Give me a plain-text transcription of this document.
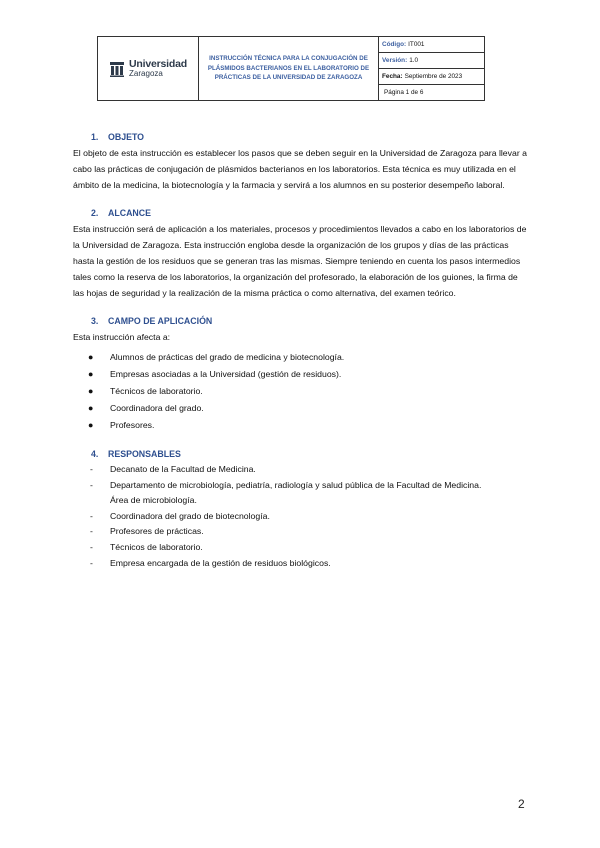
Universidad
Zaragoza
INSTRUCCIÓN TÉCNICA PARA LA CONJUGACIÓN DE PLÁSMIDOS BACTERIANOS EN EL LABORATORIO DE PRÁCTICAS DE LA UNIVERSIDAD DE ZARAGOZA
Código: IT001
Versión: 1.0
Fecha: Septiembre de 2023
Página 1 de 6
1. OBJETO

El objeto de esta instrucción es establecer los pasos que se deben seguir en la Universidad de Zaragoza para llevar a cabo las prácticas de conjugación de plásmidos bacterianos en los laboratorios. Esta técnica es muy utilizada en el ámbito de la medicina, la biotecnología y la farmacia y servirá a los alumnos en su posterior desempeño laboral.

2. ALCANCE

Esta instrucción será de aplicación a los materiales, procesos y procedimientos llevados a cabo en los laboratorios de la Universidad de Zaragoza. Esta instrucción engloba desde la organización de los grupos y días de las prácticas hasta la gestión de los residuos que se generan tras las mismas. Siempre teniendo en cuenta los pasos intermedios tales como la reserva de los laboratorios, la organización del profesorado, la elaboración de los guiones, la firma de las hojas de seguridad y la realización de la misma práctica o como alternativa, del examen teórico.

3. CAMPO DE APLICACIÓN

Esta instrucción afecta a:

●	Alumnos de prácticas del grado de medicina y biotecnología.
●	Empresas asociadas a la Universidad (gestión de residuos).
●	Técnicos de laboratorio.
●	Coordinadora del grado.
●	Profesores.
4. RESPONSABLES
-	Decanato de la Facultad de Medicina.
-	Departamento de microbiología, pediatría, radiología y salud pública de la Facultad de Medicina. Área de microbiología.
-	Coordinadora del grado de biotecnología.
-	Profesores de prácticas.
-	Técnicos de laboratorio.
-	Empresa encargada de la gestión de residuos biológicos.
2
